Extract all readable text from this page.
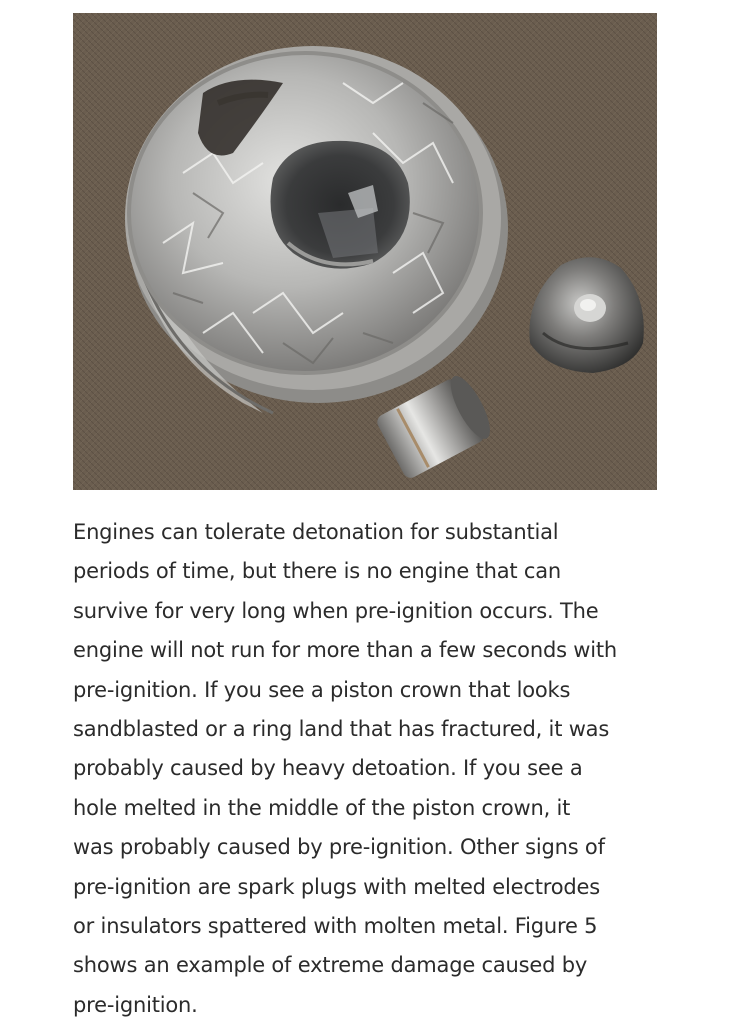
Engines can tolerate detonation for substantial
periods of time, but there is no engine that can
survive for very long when pre-ignition occurs. The
engine will not run for more than a few seconds with
pre-ignition. If you see a piston crown that looks
sandblasted or a ring land that has fractured, it was
probably caused by heavy detoation. If you see a
hole melted in the middle of the piston crown, it
was probably caused by pre-ignition. Other signs of
pre-ignition are spark plugs with melted electrodes
or insulators spattered with molten metal. Figure 5
shows an example of extreme damage caused by
pre-ignition.
